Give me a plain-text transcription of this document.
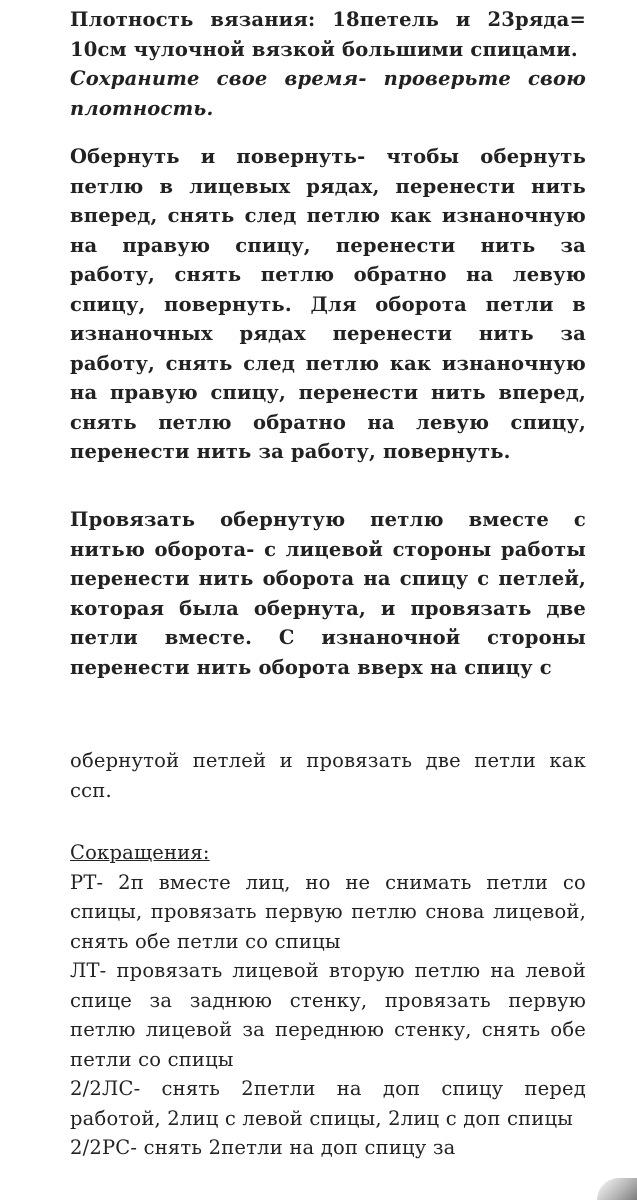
Плотность вязания: 18петель и 23ряда= 10см чулочной вязкой большими спицами.

Сохраните свое время- проверьте свою плотность.

Обернуть и повернуть- чтобы обернуть петлю в лицевых рядах, перенести нить вперед, снять след петлю как изнаночную на правую спицу, перенести нить за работу, снять петлю обратно на левую спицу, повернуть. Для оборота петли в изнаночных рядах перенести нить за работу, снять след петлю как изнаночную на правую спицу, перенести нить вперед, снять петлю обратно на левую спицу, перенести нить за работу, повернуть.

Провязать обернутую петлю вместе с нитью оборота- с лицевой стороны работы перенести нить оборота на спицу с петлей, которая была обернута, и провязать две петли вместе. С изнаночной стороны перенести нить оборота вверх на спицу с

обернутой петлей и провязать две петли как ссп.

Сокращения:

РТ- 2п вместе лиц, но не снимать петли со спицы, провязать первую петлю снова лицевой, снять обе петли со спицы

ЛТ- провязать лицевой вторую петлю на левой спице за заднюю стенку, провязать первую петлю лицевой за переднюю стенку, снять обе петли со спицы

2/2ЛС- снять 2петли на доп спицу перед работой, 2лиц с левой спицы, 2лиц с доп спицы

2/2РС- снять 2петли на доп спицу за
